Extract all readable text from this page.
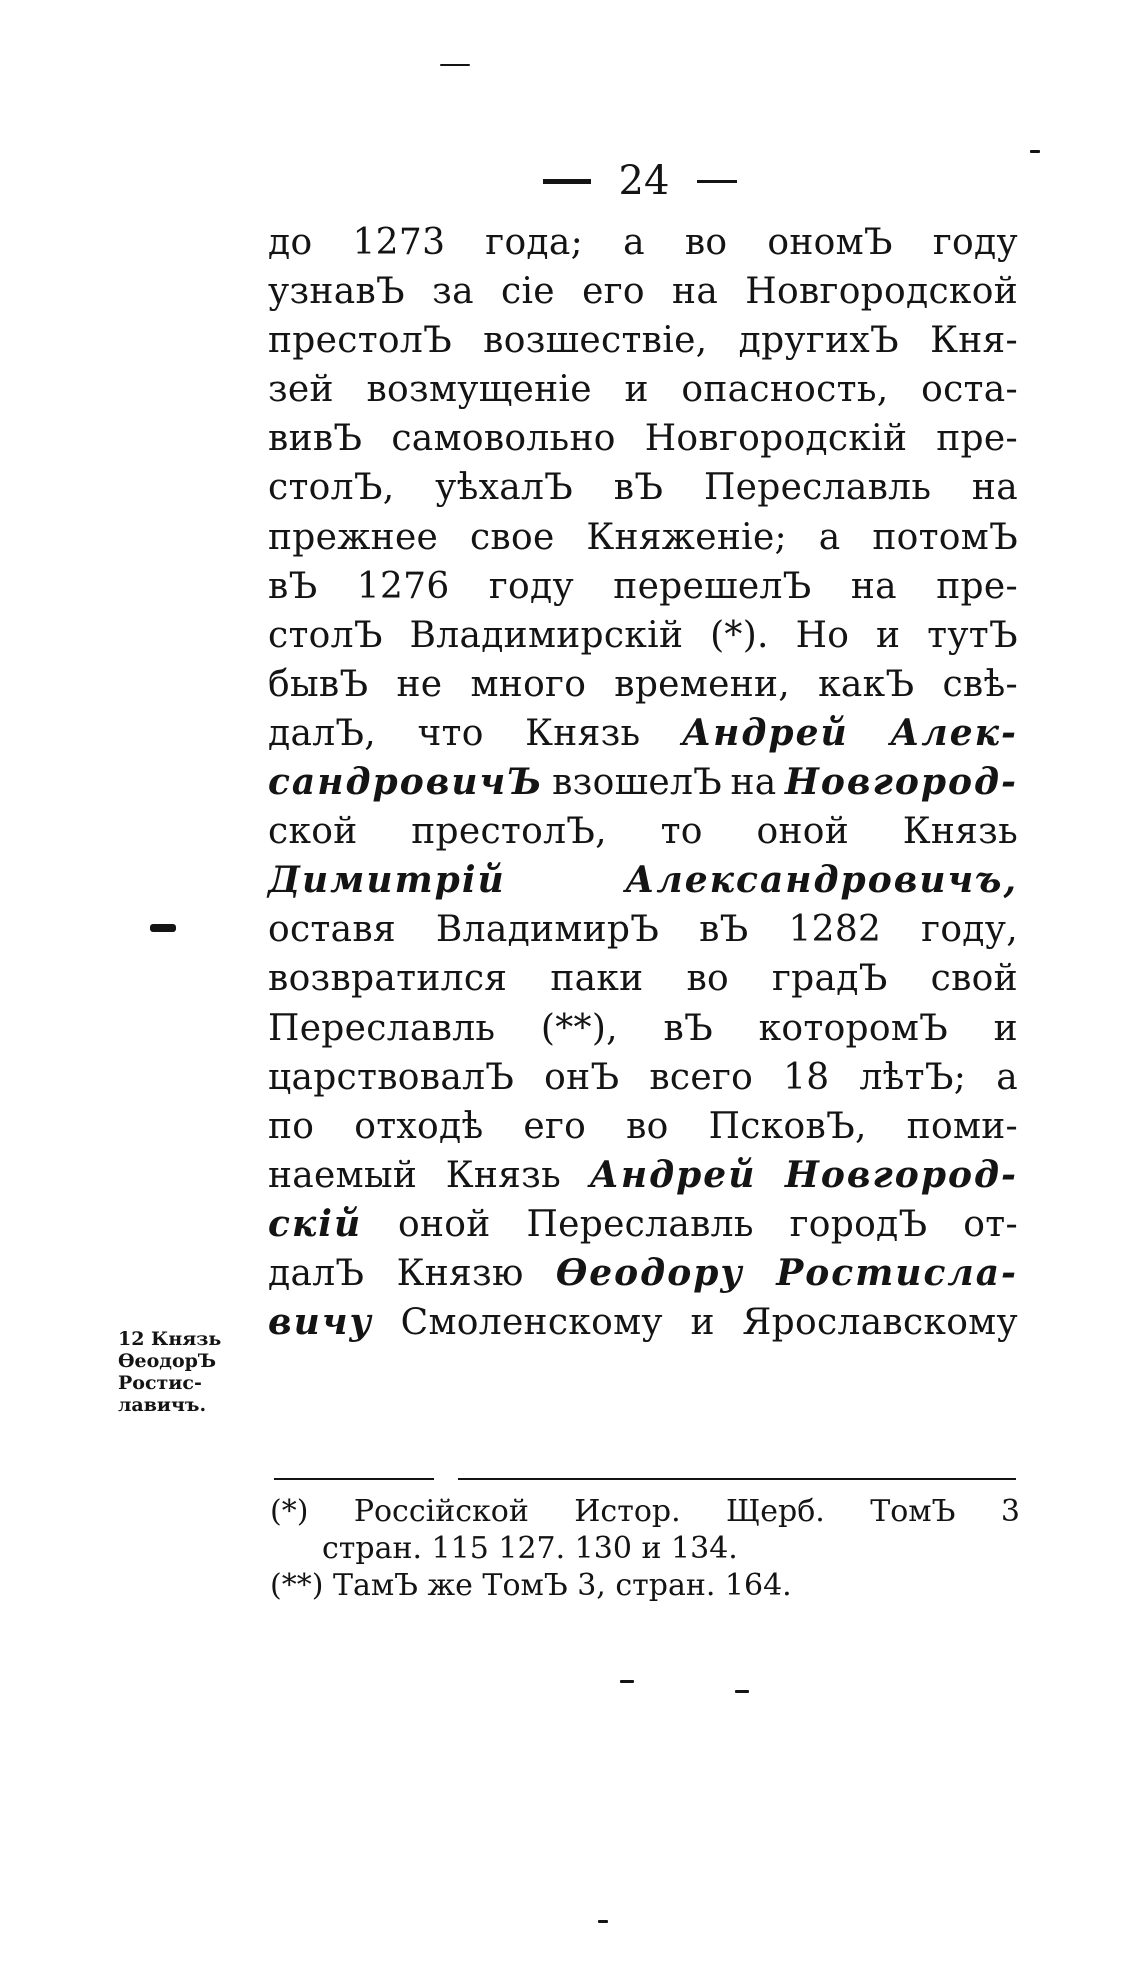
24
до 1273 года; а во ономЪ году
узнавЪ за сіе его на Новгородской
престолЪ возшествіе, другихЪ Кня-
зей возмущеніе и опасность, оста-
вивЪ самовольно Новгородскій пре-
столЪ, уѣхалЪ вЪ Переславль на
прежнее свое Княженіе; а потомЪ
вЪ 1276 году перешелЪ на пре-
столЪ Владимирскій (*). Но и тутЪ
бывЪ не много времени, какЪ свѣ-
далЪ, что Князь Андрей Алек-
сандровичЪ взошелЪ на Новгород-
ской престолЪ, то оной Князь
Димитрій	Александровичъ,
оставя ВладимирЪ вЪ 1282 году,
возвратился паки во градЪ свой
Переславль (**), вЪ которомЪ и
царствовалЪ онЪ всего 18 лѣтЪ; а
по отходѣ его во ПсковЪ, поми-
наемый Князь Андрей Новгород-
скій оной Переславль городЪ от-
далЪ Князю Өеодору Ростисла-
вичу Смоленскому и Ярославскому
12 Князь
ӨеодорЪ
Ростис-
лавичъ.
(*) Россійской Истор. Щерб. ТомЪ 3
стран. 115 127. 130 и 134.
(**) ТамЪ же ТомЪ 3, стран. 164.
